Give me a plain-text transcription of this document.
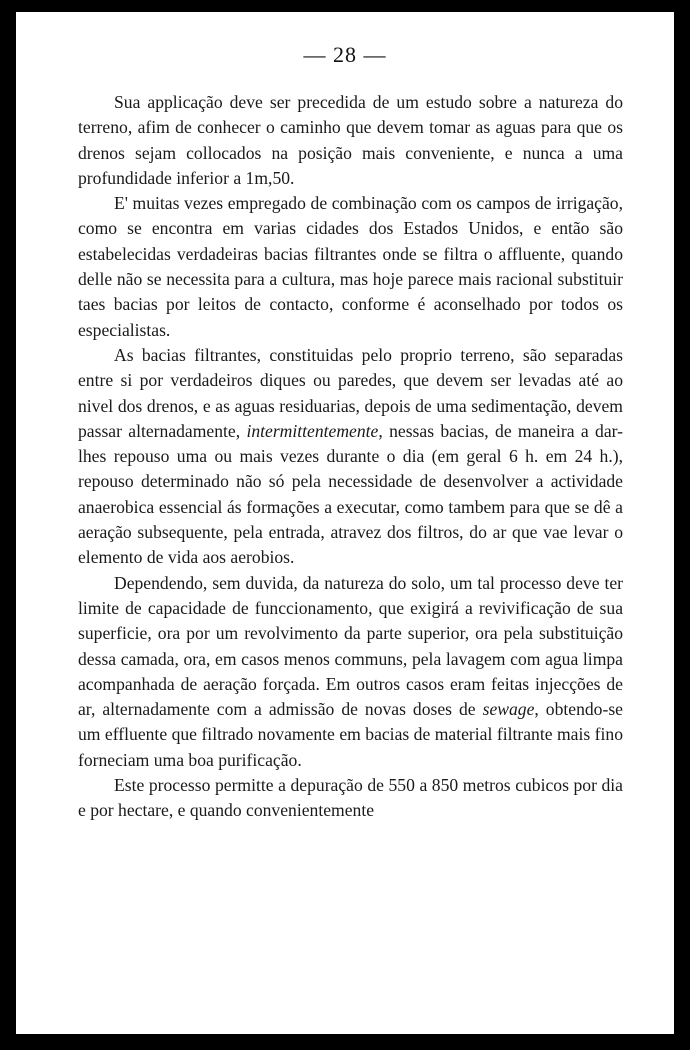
— 28 —

Sua applicação deve ser precedida de um estudo sobre a natureza do terreno, afim de conhecer o caminho que devem tomar as aguas para que os drenos sejam collocados na posição mais conveniente, e nunca a uma profundidade inferior a 1m,50.

E' muitas vezes empregado de combinação com os campos de irrigação, como se encontra em varias cidades dos Estados Unidos, e então são estabelecidas verdadeiras bacias filtrantes onde se filtra o affluente, quando delle não se necessita para a cultura, mas hoje parece mais racional substituir taes bacias por leitos de contacto, conforme é aconselhado por todos os especialistas.

As bacias filtrantes, constituidas pelo proprio terreno, são separadas entre si por verdadeiros diques ou paredes, que devem ser levadas até ao nivel dos drenos, e as aguas residuarias, depois de uma sedimentação, devem passar alternadamente, intermittentemente, nessas bacias, de maneira a dar-lhes repouso uma ou mais vezes durante o dia (em geral 6 h. em 24 h.), repouso determinado não só pela necessidade de desenvolver a actividade anaerobica essencial ás formações a executar, como tambem para que se dê a aeração subsequente, pela entrada, atravez dos filtros, do ar que vae levar o elemento de vida aos aerobios.

Dependendo, sem duvida, da natureza do solo, um tal processo deve ter limite de capacidade de funccionamento, que exigirá a revivificação de sua superficie, ora por um revolvimento da parte superior, ora pela substituição dessa camada, ora, em casos menos communs, pela lavagem com agua limpa acompanhada de aeração forçada. Em outros casos eram feitas injecções de ar, alternadamente com a admissão de novas doses de sewage, obtendo-se um effluente que filtrado novamente em bacias de material filtrante mais fino forneciam uma boa purificação.

Este processo permitte a depuração de 550 a 850 metros cubicos por dia e por hectare, e quando convenientemente
